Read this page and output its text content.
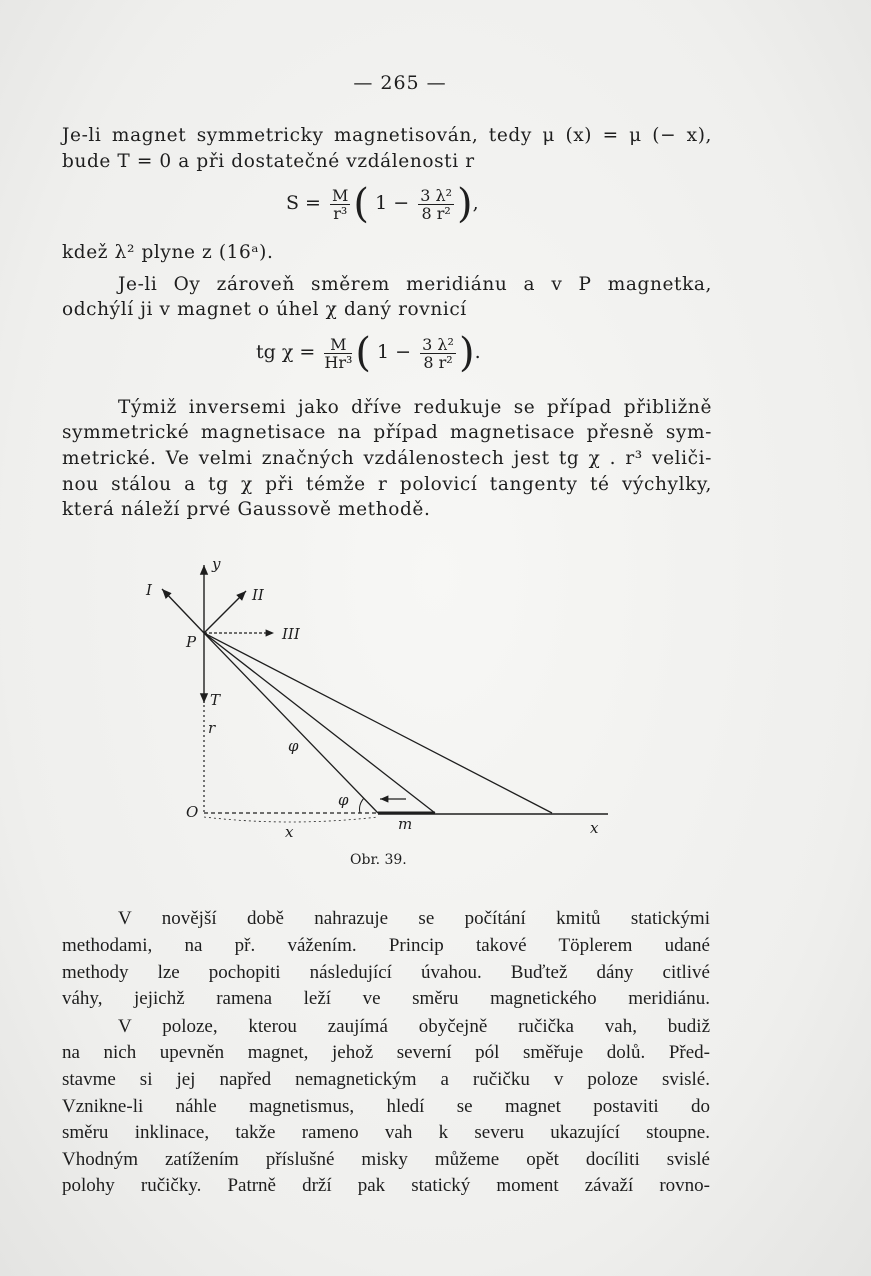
— 265 —
Je-li magnet symmetricky magnetisován, tedy μ (x) = μ (− x),
bude T = 0 a při dostatečné vzdálenosti r
$S = \frac{M}{\text{r³}}$ ( $1 - \frac{\text{3 λ²}}{\text{8 r²}}$ ),
kdež λ² plyne z (16ᵃ).
Je-li Oy zároveň směrem meridiánu a v P magnetka,
odchýlí ji v magnet o úhel χ daný rovnicí
tg $\chi = \frac{M}{\text{Hr³}}$ ( $1 - \frac{\text{3 λ²}}{\text{8 r²}}$ ).
Týmiž inversemi jako dříve redukuje se případ přibližně
symmetrické magnetisace na případ magnetisace přesně sym-
metrické. Ve velmi značných vzdálenostech jest tg χ . r³ veliči-
nou stálou a tg χ při témže r polovicí tangenty té výchylky,
která náleží prvé Gaussově methodě.
y
I	II
III
P
T
r
O
x	m	x
φ
φ
Obr. 39.
V novější době nahrazuje se počítání kmitů statickými
methodami, na př. vážením. Princip takové Töplerem udané
methody lze pochopiti následující úvahou. Buďtež dány citlivé
váhy, jejichž ramena leží ve směru magnetického meridiánu.
V poloze, kterou zaujímá obyčejně ručička vah, budiž
na nich upevněn magnet, jehož severní pól směřuje dolů. Před-
stavme si jej napřed nemagnetickým a ručičku v poloze svislé.
Vznikne-li náhle magnetismus, hledí se magnet postaviti do
směru inklinace, takže rameno vah k severu ukazující stoupne.
Vhodným zatížením příslušné misky můžeme opět docíliti svislé
polohy ručičky. Patrně drží pak statický moment závaží rovno-
